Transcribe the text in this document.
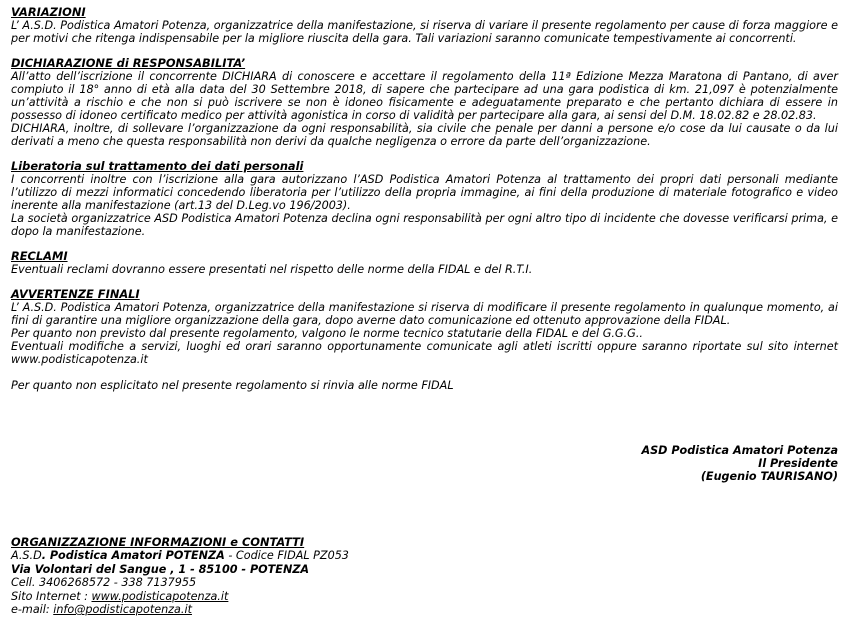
VARIAZIONI

L’ A.S.D. Podistica Amatori Potenza, organizzatrice della manifestazione, si riserva di variare il presente regolamento per cause di forza maggiore e per motivi che ritenga indispensabile per la migliore riuscita della gara. Tali variazioni saranno comunicate tempestivamente ai concorrenti.

DICHIARAZIONE di RESPONSABILITA’

All’atto dell’iscrizione il concorrente DICHIARA di conoscere e accettare il regolamento della 11ª Edizione Mezza Maratona di Pantano, di aver compiuto il 18° anno di età alla data del 30 Settembre 2018, di sapere che partecipare ad una gara podistica di km. 21,097 è potenzialmente un’attività a rischio e che non si può iscrivere se non è idoneo fisicamente e adeguatamente preparato e che pertanto dichiara di essere in possesso di idoneo certificato medico per attività agonistica in corso di validità per partecipare alla gara, ai sensi del D.M. 18.02.82 e 28.02.83.

DICHIARA, inoltre, di sollevare l’organizzazione da ogni responsabilità, sia civile che penale per danni a persone e/o cose da lui causate o da lui derivati a meno che questa responsabilità non derivi da qualche negligenza o errore da parte dell’organizzazione.

Liberatoria sul trattamento dei dati personali

I concorrenti inoltre con l’iscrizione alla gara autorizzano l’ASD Podistica Amatori Potenza al trattamento dei propri dati personali mediante l’utilizzo di mezzi informatici concedendo liberatoria per l’utilizzo della propria immagine, ai fini della produzione di materiale fotografico e video inerente alla manifestazione (art.13 del D.Leg.vo 196/2003).

La società organizzatrice ASD Podistica Amatori Potenza declina ogni responsabilità per ogni altro tipo di incidente che dovesse verificarsi prima, e dopo la manifestazione.

RECLAMI

Eventuali reclami dovranno essere presentati nel rispetto delle norme della FIDAL e del R.T.I.

AVVERTENZE FINALI

L’ A.S.D. Podistica Amatori Potenza, organizzatrice della manifestazione si riserva di modificare il presente regolamento in qualunque momento, ai fini di garantire una migliore organizzazione della gara, dopo averne dato comunicazione ed ottenuto approvazione della FIDAL.

Per quanto non previsto dal presente regolamento, valgono le norme tecnico statutarie della FIDAL e del G.G.G..

Eventuali modifiche a servizi, luoghi ed orari saranno opportunamente comunicate agli atleti iscritti oppure saranno riportate sul sito internet www.podisticapotenza.it

Per quanto non esplicitato nel presente regolamento si rinvia alle norme FIDAL

ASD Podistica Amatori Potenza
Il Presidente
(Eugenio TAURISANO)

ORGANIZZAZIONE INFORMAZIONI e CONTATTI

A.S.D. Podistica Amatori POTENZA - Codice FIDAL PZ053

Via Volontari del Sangue , 1 - 85100 - POTENZA

Cell. 3406268572 - 338 7137955

Sito Internet : www.podisticapotenza.it

e-mail: info@podisticapotenza.it
